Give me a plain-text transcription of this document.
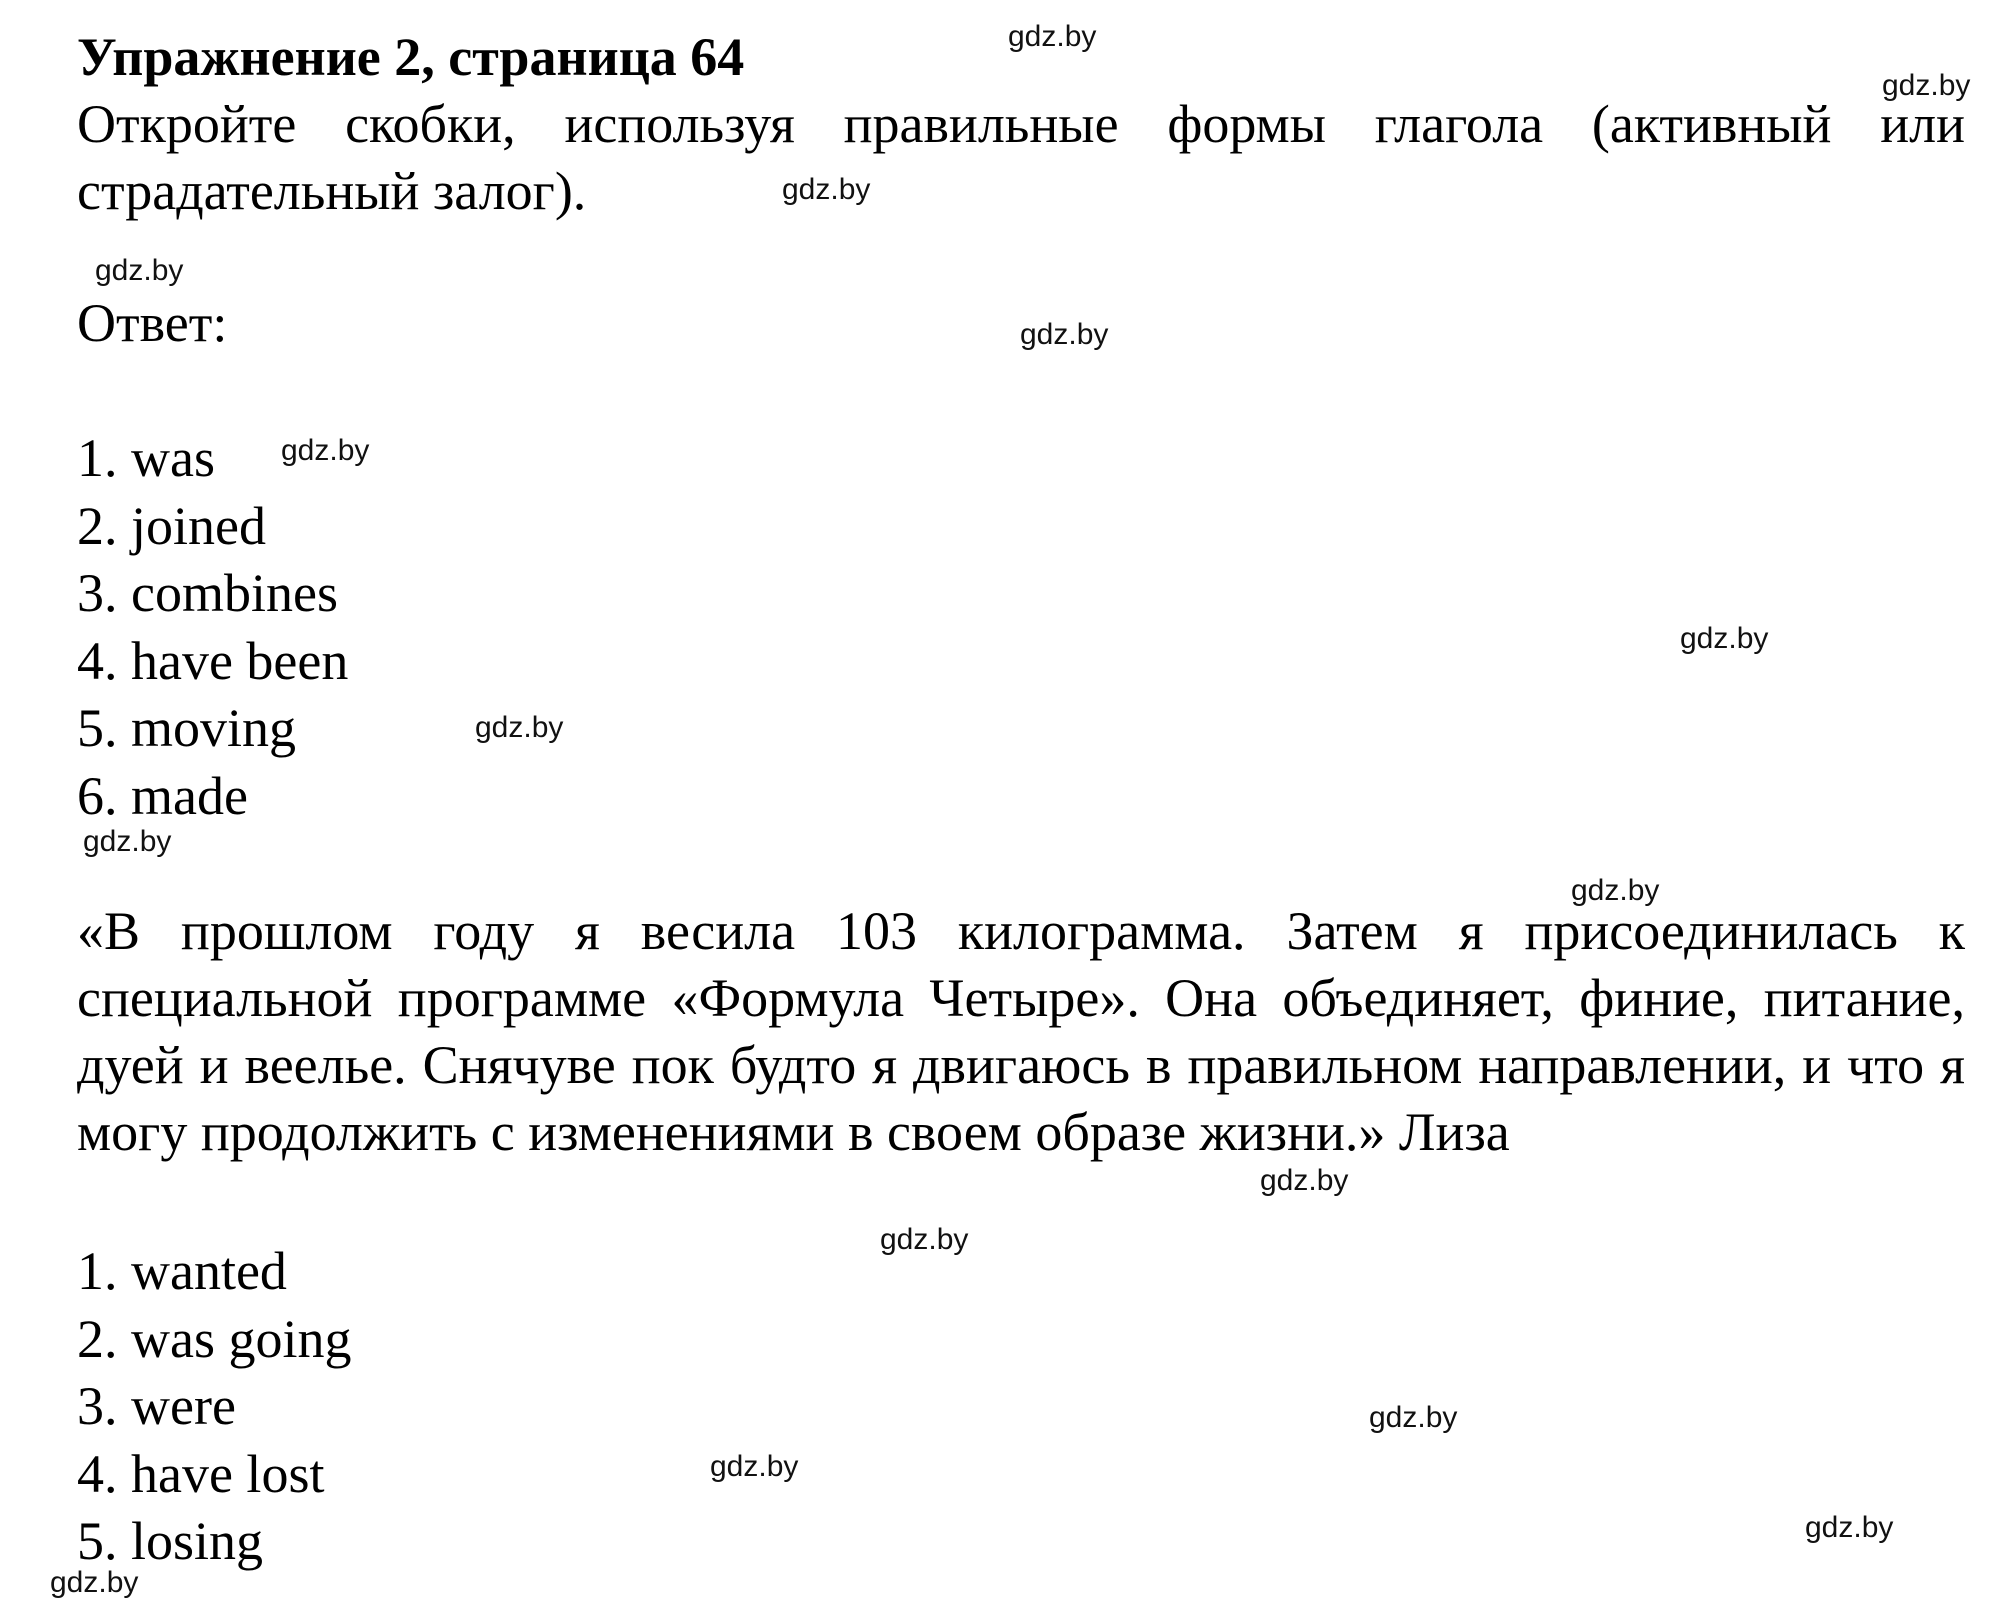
Упражнение 2, страница 64
Откройте скобки, используя правильные формы глагола (активный или страдательный залог).
Ответ:
1. was
2. joined
3. combines
4. have been
5. moving
6. made
«В прошлом году я весила 103 килограмма. Затем я присоединилась к специальной программе «Формула Четыре». Она объединяет, финие, питание, дуей и веелье. Снячуве пок будто я двигаюсь в правильном направлении, и что я могу продолжить с изменениями в своем образе жизни.» Лиза
1. wanted
2. was going
3. were
4. have lost
5. losing
gdz.by
gdz.by
gdz.by
gdz.by
gdz.by
gdz.by
gdz.by
gdz.by
gdz.by
gdz.by
gdz.by
gdz.by
gdz.by
gdz.by
gdz.by
gdz.by
